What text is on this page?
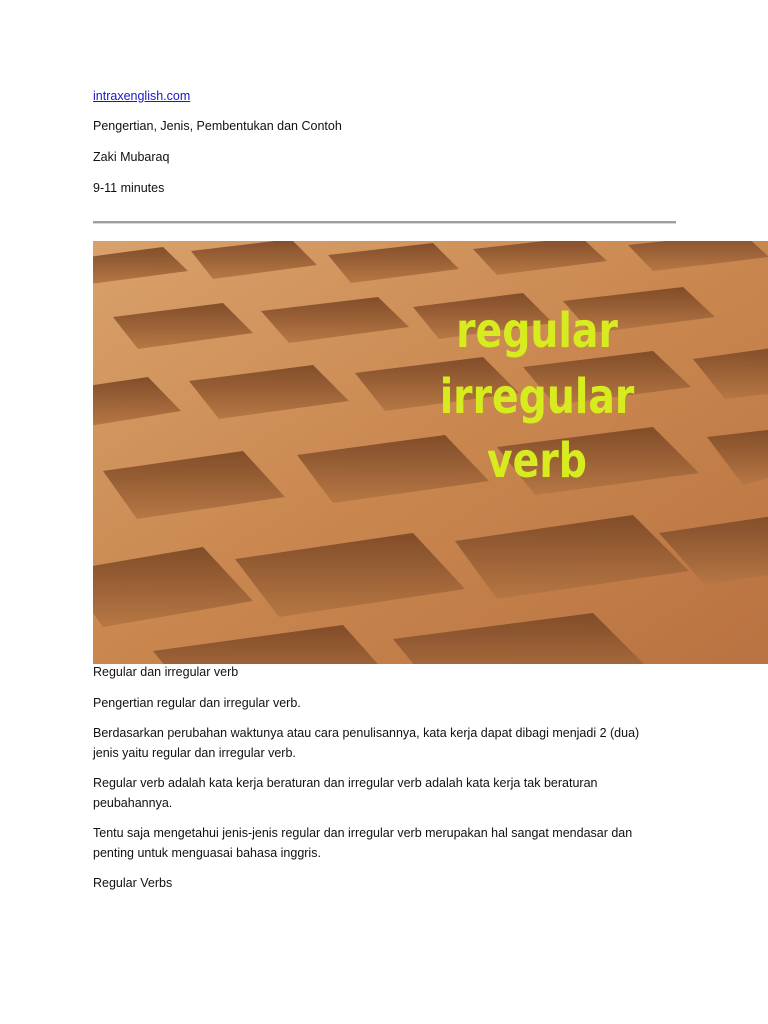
intraxenglish.com
Pengertian, Jenis, Pembentukan dan Contoh
Zaki Mubaraq
9-11 minutes
regular
irregular
verb
Regular dan irregular verb
Pengertian regular dan irregular verb.
Berdasarkan perubahan waktunya atau cara penulisannya, kata kerja dapat dibagi menjadi 2 (dua)
jenis yaitu regular dan irregular verb.
Regular verb adalah kata kerja beraturan dan irregular verb adalah kata kerja tak beraturan
peubahannya.
Tentu saja mengetahui jenis-jenis regular dan irregular verb merupakan hal sangat mendasar dan
penting untuk menguasai bahasa inggris.
Regular Verbs
